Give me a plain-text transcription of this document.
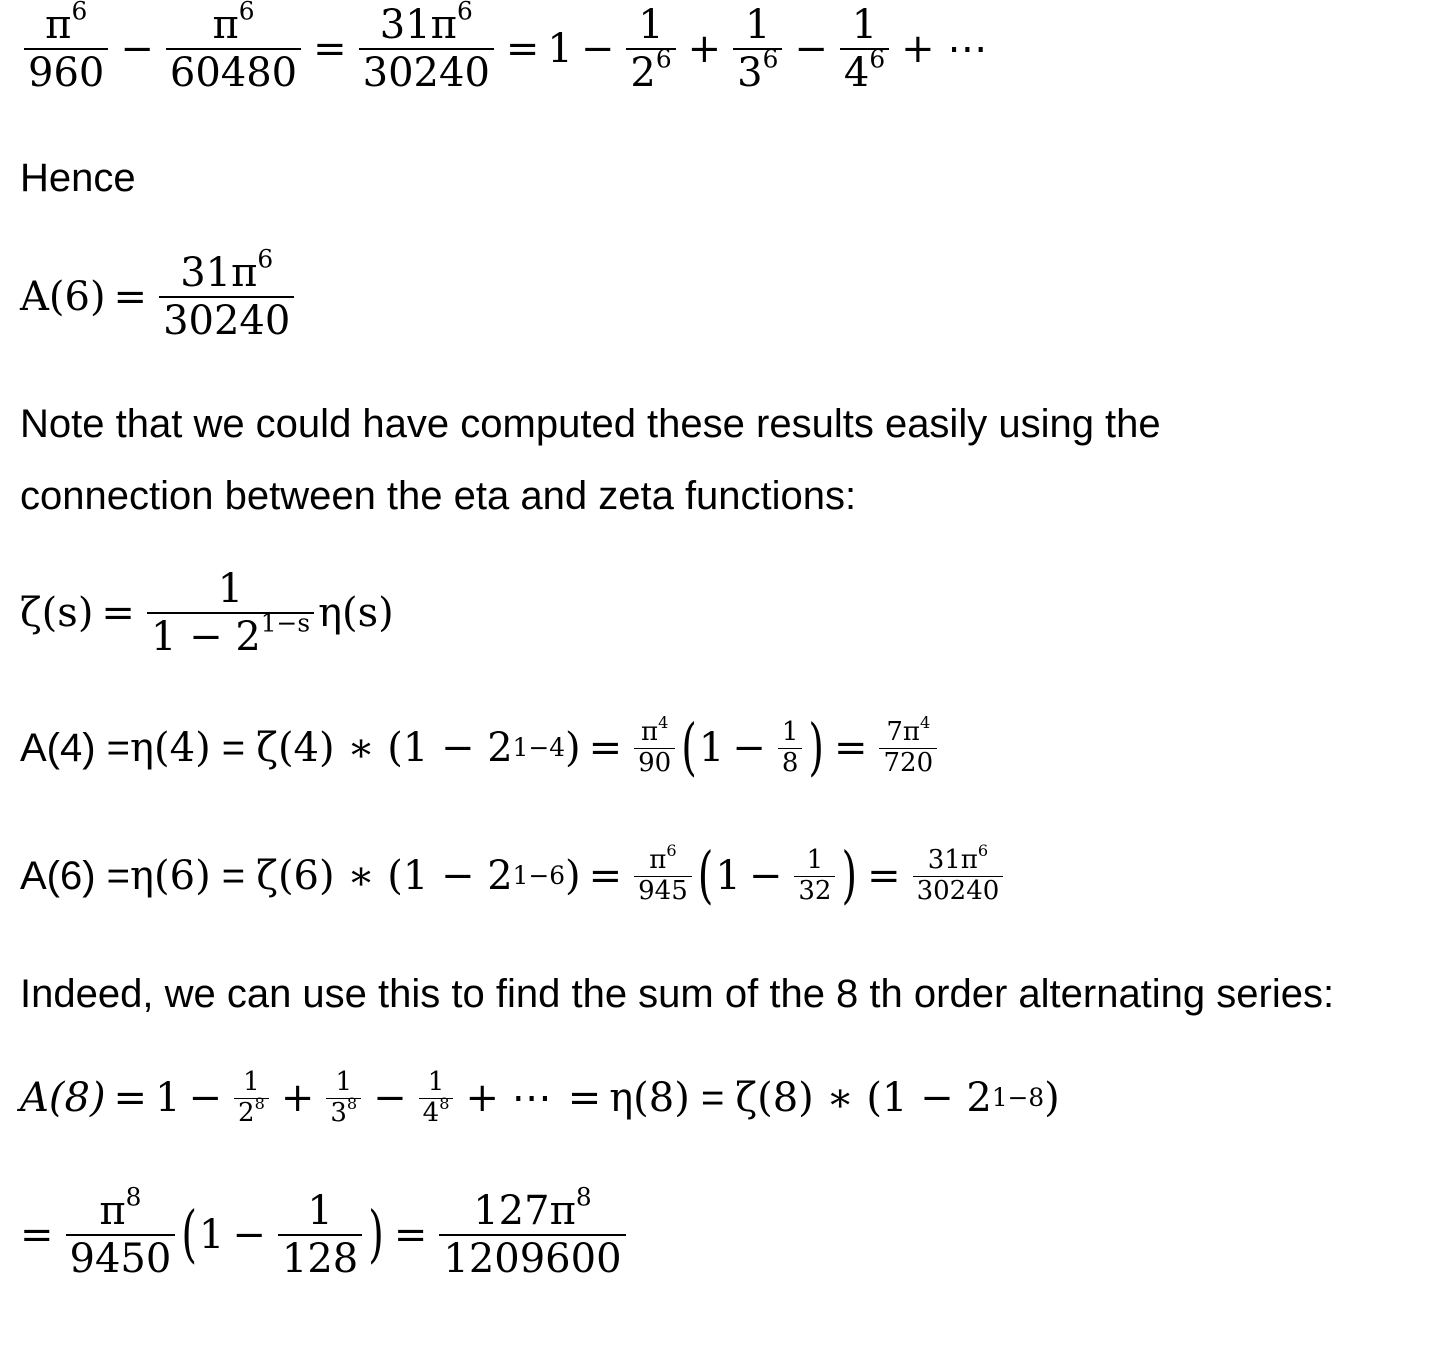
$\frac{\pi^6}{960} - \frac{\pi^6}{60480} = \frac{31\pi^6}{30240} = 1 - \frac{1}{2^6} + \frac{1}{3^6} - \frac{1}{4^6}$ + ⋯
Hence
$A(6) = \frac{31\pi^6}{30240}$
Note that we could have computed these results easily using the
connection between the eta and zeta functions:
$\zeta(s) = \frac{1}{1 - 2^{1-s}} \eta(s)$
A(4) = η(4) = ζ(4) ∗ (1 − 2 1−4 ) = $\frac{\pi^4}{90}$ ( $1 - \frac{1}{8}$ ) = $\frac{7\pi^4}{720}$
A(6) = η(6) = ζ(6) ∗ (1 − 2 1−6 ) = $\frac{\pi^6}{945}$ ( $1 - \frac{1}{32}$ ) = $\frac{31\pi^6}{30240}$
Indeed, we can use this to find the sum of the 8 th order alternating series:
$A(8) = 1 - \frac{1}{2^8} + \frac{1}{3^8} - \frac{1}{4^8}$ + ⋯ = η(8) = ζ(8) ∗ (1 − 2 1−8 )
= $\frac{\pi^8}{9450}$ ( $1 - \frac{1}{128}$ ) = $\frac{127\pi^8}{1209600}$
